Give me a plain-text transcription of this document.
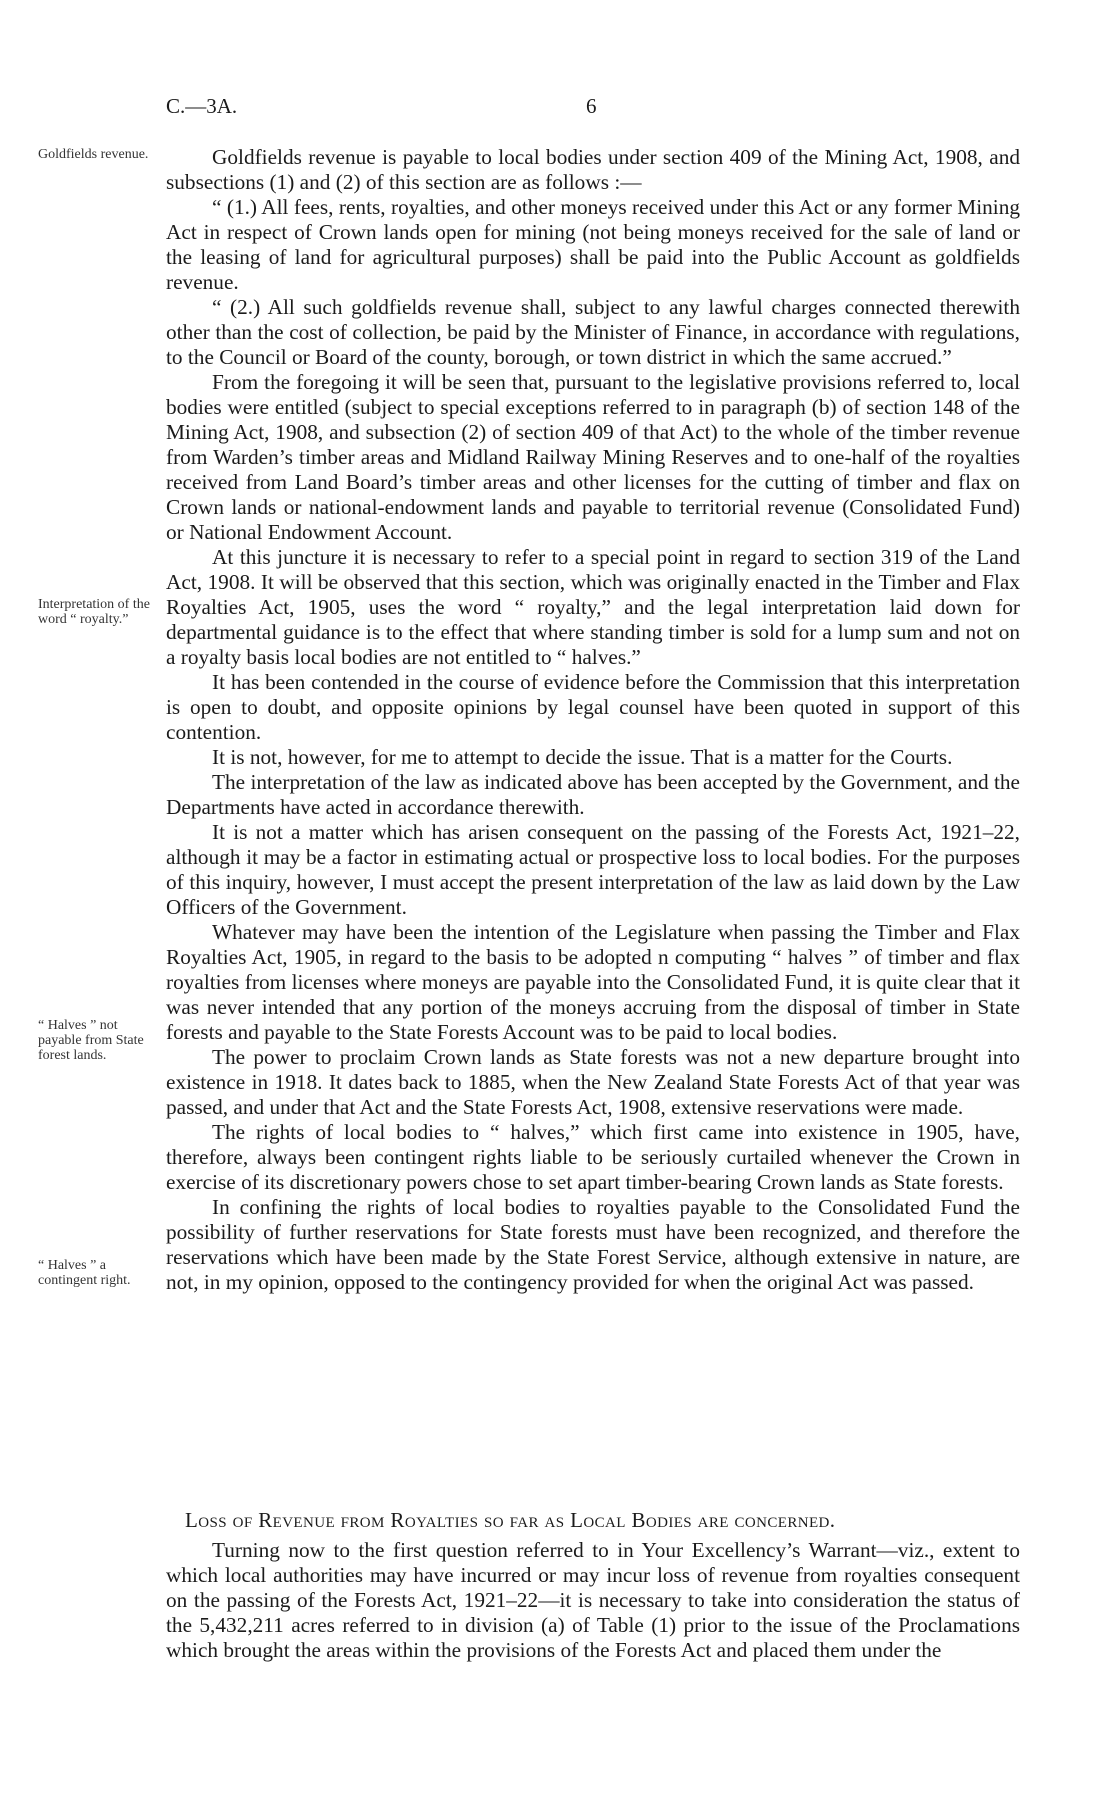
C.—3A.	6
Goldfields revenue.
Interpretation of the word “ royalty.”
“ Halves ” not payable from State forest lands.
“ Halves ” a contingent right.

Goldfields revenue is payable to local bodies under section 409 of the Mining Act, 1908, and subsections (1) and (2) of this section are as follows :—

“ (1.) All fees, rents, royalties, and other moneys received under this Act or any former Mining Act in respect of Crown lands open for mining (not being moneys received for the sale of land or the leasing of land for agricultural purposes) shall be paid into the Public Account as goldfields revenue.

“ (2.) All such goldfields revenue shall, subject to any lawful charges connected therewith other than the cost of collection, be paid by the Minister of Finance, in accordance with regulations, to the Council or Board of the county, borough, or town district in which the same accrued.”

From the foregoing it will be seen that, pursuant to the legislative provisions referred to, local bodies were entitled (subject to special exceptions referred to in paragraph (b) of section 148 of the Mining Act, 1908, and subsection (2) of section 409 of that Act) to the whole of the timber revenue from Warden’s timber areas and Midland Railway Mining Reserves and to one-half of the royalties received from Land Board’s timber areas and other licenses for the cutting of timber and flax on Crown lands or national-endowment lands and payable to territorial revenue (Consolidated Fund) or National Endowment Account.

At this juncture it is necessary to refer to a special point in regard to section 319 of the Land Act, 1908. It will be observed that this section, which was originally enacted in the Timber and Flax Royalties Act, 1905, uses the word “ royalty,” and the legal interpretation laid down for departmental guidance is to the effect that where standing timber is sold for a lump sum and not on a royalty basis local bodies are not entitled to “ halves.”

It has been contended in the course of evidence before the Commission that this interpretation is open to doubt, and opposite opinions by legal counsel have been quoted in support of this contention.

It is not, however, for me to attempt to decide the issue. That is a matter for the Courts.

The interpretation of the law as indicated above has been accepted by the Government, and the Departments have acted in accordance therewith.

It is not a matter which has arisen consequent on the passing of the Forests Act, 1921–22, although it may be a factor in estimating actual or prospective loss to local bodies. For the purposes of this inquiry, however, I must accept the present interpretation of the law as laid down by the Law Officers of the Government.

Whatever may have been the intention of the Legislature when passing the Timber and Flax Royalties Act, 1905, in regard to the basis to be adopted n computing “ halves ” of timber and flax royalties from licenses where moneys are payable into the Consolidated Fund, it is quite clear that it was never intended that any portion of the moneys accruing from the disposal of timber in State forests and payable to the State Forests Account was to be paid to local bodies.

The power to proclaim Crown lands as State forests was not a new departure brought into existence in 1918. It dates back to 1885, when the New Zealand State Forests Act of that year was passed, and under that Act and the State Forests Act, 1908, extensive reservations were made.

The rights of local bodies to “ halves,” which first came into existence in 1905, have, therefore, always been contingent rights liable to be seriously curtailed whenever the Crown in exercise of its discretionary powers chose to set apart timber-bearing Crown lands as State forests.

In confining the rights of local bodies to royalties payable to the Consolidated Fund the possibility of further reservations for State forests must have been recognized, and therefore the reservations which have been made by the State Forest Service, although extensive in nature, are not, in my opinion, opposed to the contingency provided for when the original Act was passed.

Loss of Revenue from Royalties so far as Local Bodies are concerned.

Turning now to the first question referred to in Your Excellency’s Warrant—viz., extent to which local authorities may have incurred or may incur loss of revenue from royalties consequent on the passing of the Forests Act, 1921–22—it is necessary to take into consideration the status of the 5,432,211 acres referred to in division (a) of Table (1) prior to the issue of the Proclamations which brought the areas within the provisions of the Forests Act and placed them under the
